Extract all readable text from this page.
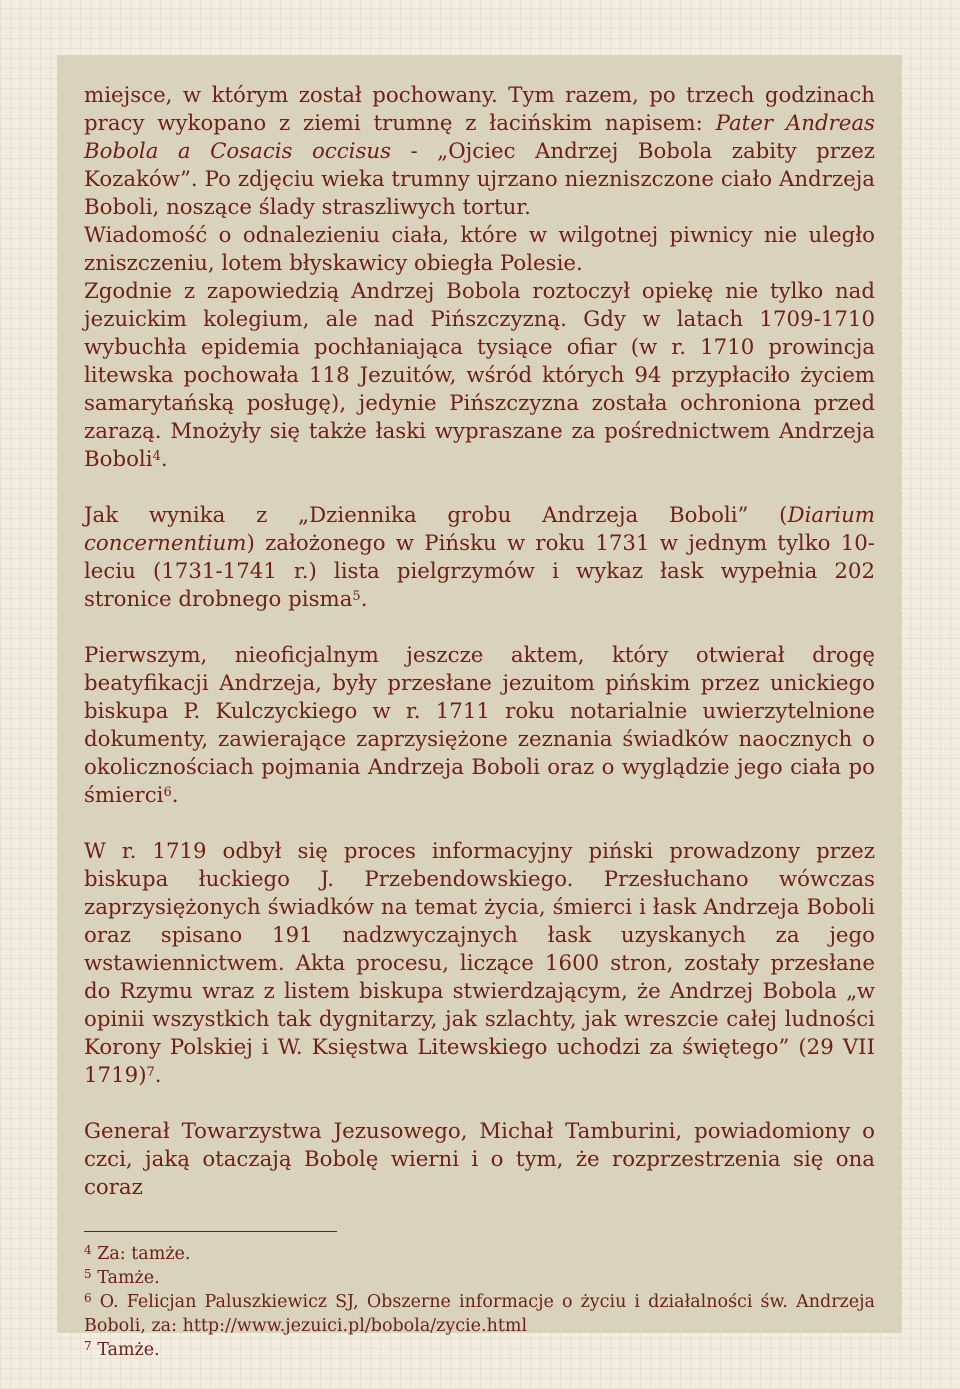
miejsce, w którym został pochowany. Tym razem, po trzech godzinach pracy wykopano z ziemi trumnę z łacińskim napisem: Pater Andreas Bobola a Cosacis occisus - „Ojciec Andrzej Bobola zabity przez Kozaków”. Po zdjęciu wieka trumny ujrzano niezniszczone ciało Andrzeja Boboli, noszące ślady straszliwych tortur.

Wiadomość o odnalezieniu ciała, które w wilgotnej piwnicy nie uległo zniszczeniu, lotem błyskawicy obiegła Polesie.

Zgodnie z zapowiedzią Andrzej Bobola roztoczył opiekę nie tylko nad jezuickim kolegium, ale nad Pińszczyzną. Gdy w latach 1709-1710 wybuchła epidemia pochłaniająca tysiące ofiar (w r. 1710 prowincja litewska pochowała 118 Jezuitów, wśród których 94 przypłaciło życiem samarytańską posługę), jedynie Pińszczyzna została ochroniona przed zarazą. Mnożyły się także łaski wypraszane za pośrednictwem Andrzeja Boboli$^4$.

Jak wynika z „Dziennika grobu Andrzeja Boboli” (Diarium concernentium) założonego w Pińsku w roku 1731 w jednym tylko 10-leciu (1731-1741 r.) lista pielgrzymów i wykaz łask wypełnia 202 stronice drobnego pisma$^5$.

Pierwszym, nieoficjalnym jeszcze aktem, który otwierał drogę beatyfikacji Andrzeja, były przesłane jezuitom pińskim przez unickiego biskupa P. Kulczyckiego w r. 1711 roku notarialnie uwierzytelnione dokumenty, zawierające zaprzysiężone zeznania świadków naocznych o okolicznościach pojmania Andrzeja Boboli oraz o wyglądzie jego ciała po śmierci$^6$.

W r. 1719 odbył się proces informacyjny piński prowadzony przez biskupa łuckiego J. Przebendowskiego. Przesłuchano wówczas zaprzysiężonych świadków na temat życia, śmierci i łask Andrzeja Boboli oraz spisano 191 nadzwyczajnych łask uzyskanych za jego wstawiennictwem. Akta procesu, liczące 1600 stron, zostały przesłane do Rzymu wraz z listem biskupa stwierdzającym, że Andrzej Bobola „w opinii wszystkich tak dygnitarzy, jak szlachty, jak wreszcie całej ludności Korony Polskiej i W. Księstwa Litewskiego uchodzi za świętego” (29 VII 1719)$^7$.

Generał Towarzystwa Jezusowego, Michał Tamburini, powiadomiony o czci, jaką otaczają Bobolę wierni i o tym, że rozprzestrzenia się ona coraz

$^4$ Za: tamże.

$^5$ Tamże.

$^6$ O. Felicjan Paluszkiewicz SJ, Obszerne informacje o życiu i działalności św. Andrzeja Boboli, za: http://www.jezuici.pl/bobola/zycie.html

$^7$ Tamże.
